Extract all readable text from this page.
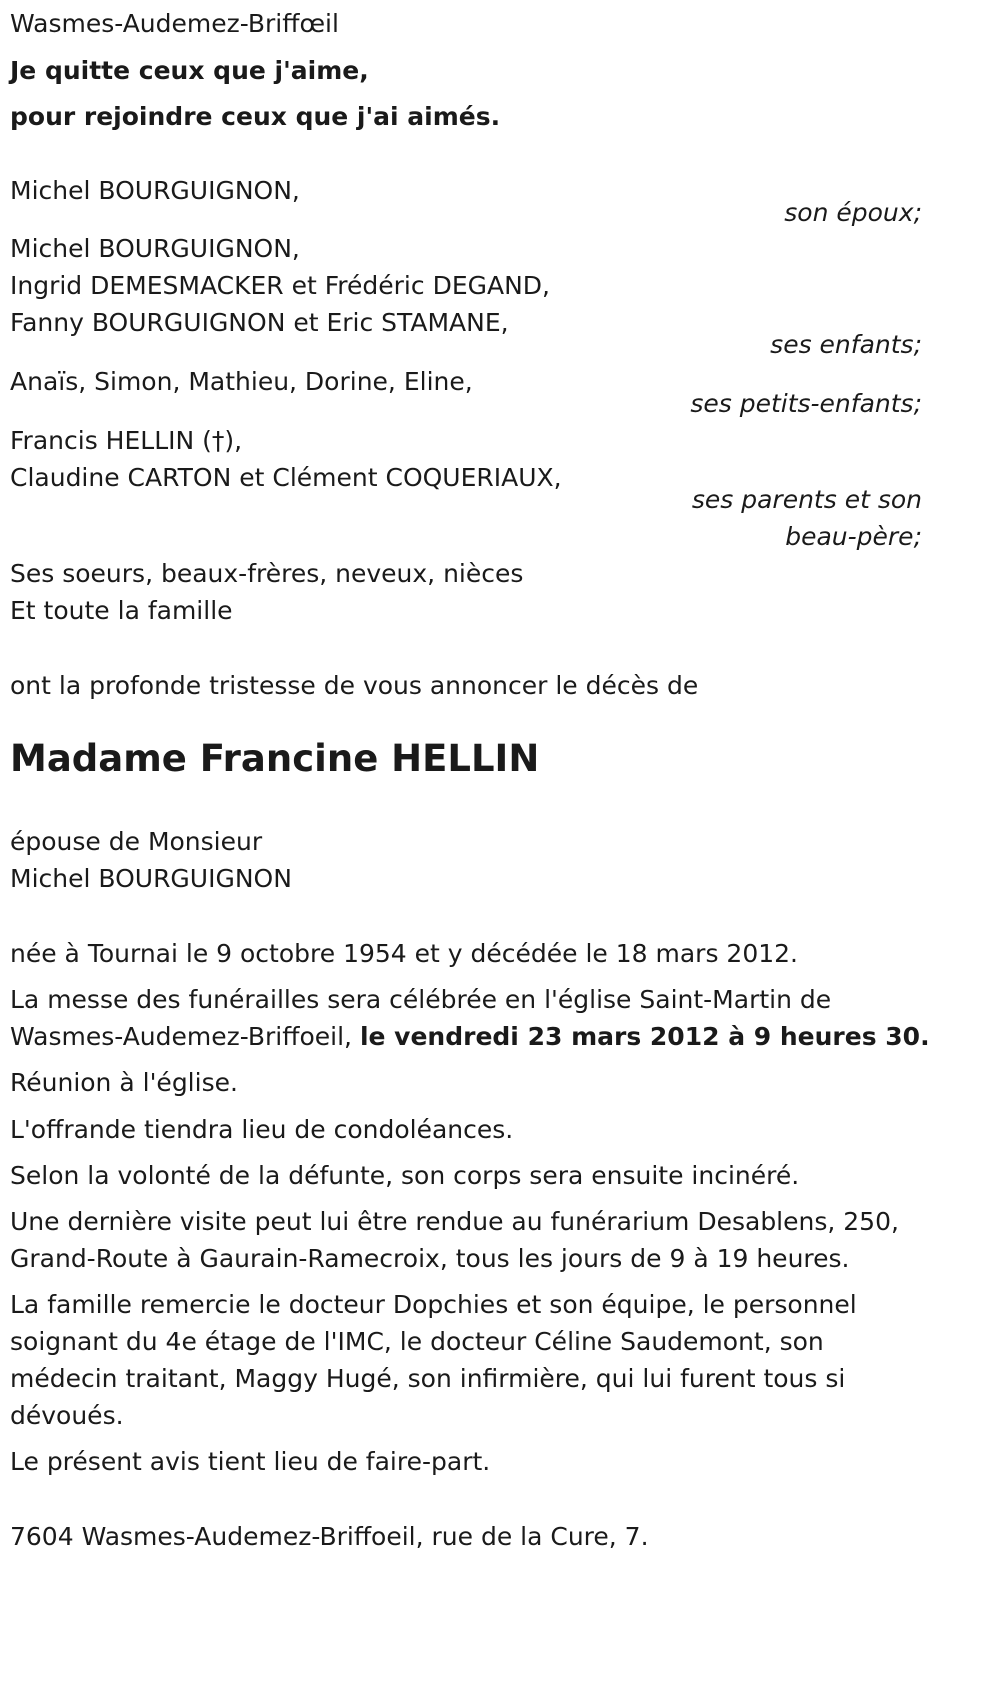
Wasmes-Audemez-Briffœil
Je quitte ceux que j'aime,
pour rejoindre ceux que j'ai aimés.
Michel BOURGUIGNON,
son époux;
Michel BOURGUIGNON,
Ingrid DEMESMACKER et Frédéric DEGAND,
Fanny BOURGUIGNON et Eric STAMANE,
ses enfants;
Anaïs, Simon, Mathieu, Dorine, Eline,
ses petits-enfants;
Francis HELLIN (†),
Claudine CARTON et Clément COQUERIAUX,
ses parents et son
beau-père;
Ses soeurs, beaux-frères, neveux, nièces
Et toute la famille
ont la profonde tristesse de vous annoncer le décès de
Madame Francine HELLIN
épouse de Monsieur
Michel BOURGUIGNON
née à Tournai le 9 octobre 1954 et y décédée le 18 mars 2012.
La messe des funérailles sera célébrée en l'église Saint-Martin de
Wasmes-Audemez-Briffoeil, le vendredi 23 mars 2012 à 9 heures 30.
Réunion à l'église.
L'offrande tiendra lieu de condoléances.
Selon la volonté de la défunte, son corps sera ensuite incinéré.
Une dernière visite peut lui être rendue au funérarium Desablens, 250,
Grand-Route à Gaurain-Ramecroix, tous les jours de 9 à 19 heures.
La famille remercie le docteur Dopchies et son équipe, le personnel
soignant du 4e étage de l'IMC, le docteur Céline Saudemont, son
médecin traitant, Maggy Hugé, son infirmière, qui lui furent tous si
dévoués.
Le présent avis tient lieu de faire-part.
7604 Wasmes-Audemez-Briffoeil, rue de la Cure, 7.
